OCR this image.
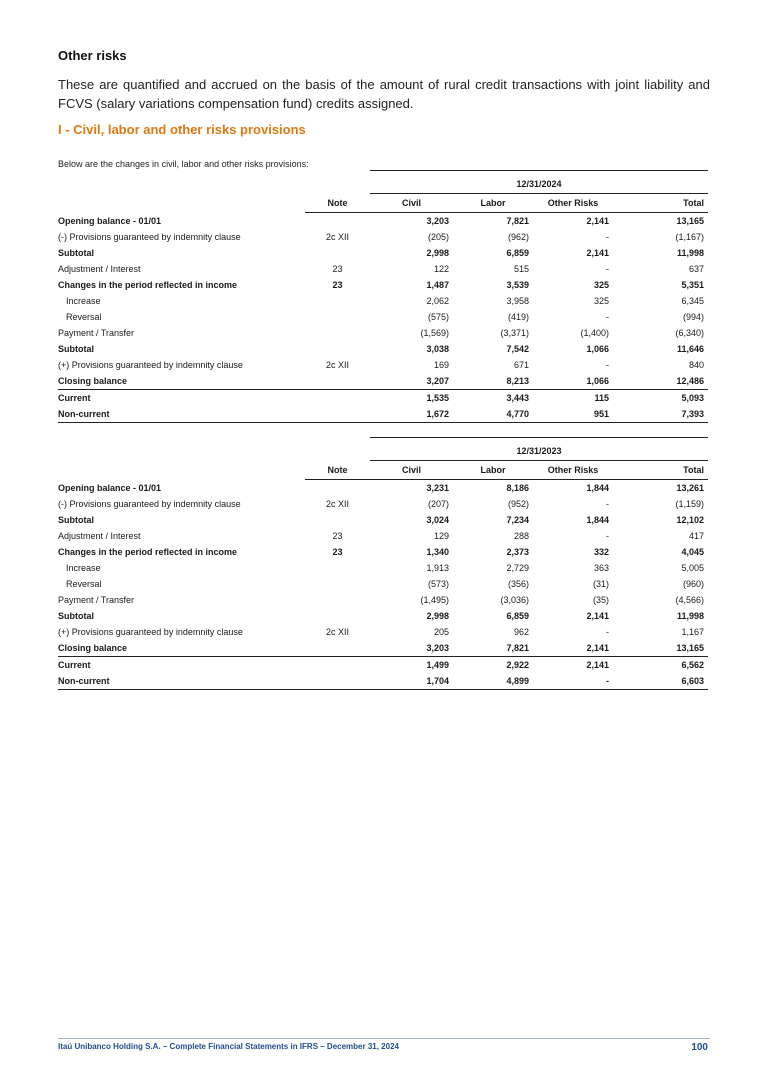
Other risks
These are quantified and accrued on the basis of the amount of rural credit transactions with joint liability and FCVS (salary variations compensation fund) credits assigned.
I - Civil, labor and other risks provisions
Below are the changes in civil, labor and other risks provisions:

		12/31/2024			
	Note	Civil	Labor	Other Risks	Total
Opening balance - 01/01		3,203	7,821	2,141	13,165
(-) Provisions guaranteed by indemnity clause	2c XII	(205)	(962)	-	(1,167)
Subtotal		2,998	6,859	2,141	11,998
Adjustment / Interest	23	122	515	-	637
Changes in the period reflected in income	23	1,487	3,539	325	5,351
Increase		2,062	3,958	325	6,345
Reversal		(575)	(419)	-	(994)
Payment / Transfer		(1,569)	(3,371)	(1,400)	(6,340)
Subtotal		3,038	7,542	1,066	11,646
(+) Provisions guaranteed by indemnity clause	2c XII	169	671	-	840
Closing balance		3,207	8,213	1,066	12,486
Current		1,535	3,443	115	5,093
Non-current		1,672	4,770	951	7,393

		12/31/2023			
	Note	Civil	Labor	Other Risks	Total
Opening balance - 01/01		3,231	8,186	1,844	13,261
(-) Provisions guaranteed by indemnity clause	2c XII	(207)	(952)	-	(1,159)
Subtotal		3,024	7,234	1,844	12,102
Adjustment / Interest	23	129	288	-	417
Changes in the period reflected in income	23	1,340	2,373	332	4,045
Increase		1,913	2,729	363	5,005
Reversal		(573)	(356)	(31)	(960)
Payment / Transfer		(1,495)	(3,036)	(35)	(4,566)
Subtotal		2,998	6,859	2,141	11,998
(+) Provisions guaranteed by indemnity clause	2c XII	205	962	-	1,167
Closing balance		3,203	7,821	2,141	13,165
Current		1,499	2,922	2,141	6,562
Non-current		1,704	4,899	-	6,603
Itaú Unibanco Holding S.A. – Complete Financial Statements in IFRS – December 31, 2024	100
